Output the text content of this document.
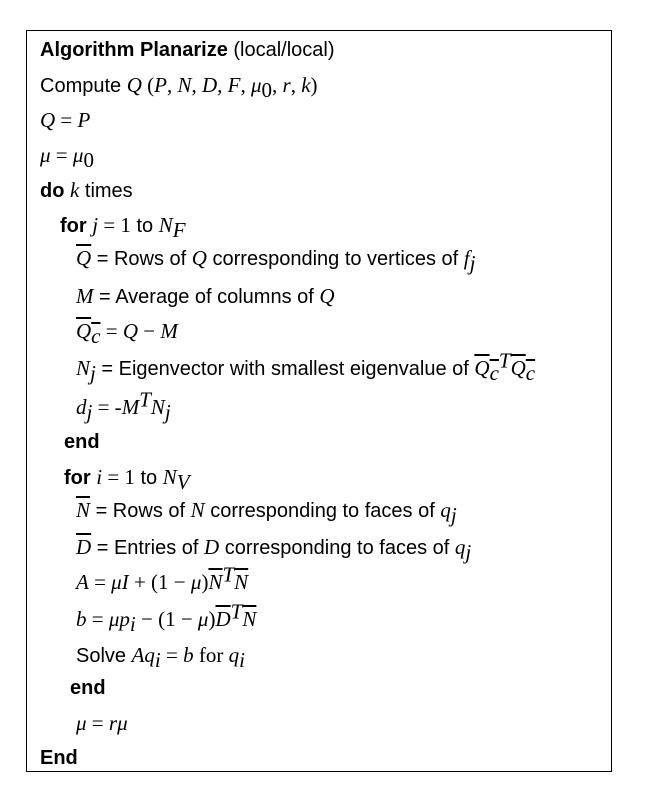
Algorithm Planarize (local/local)
Compute Q (P, N, D, F, $\mu_0$, r, k)
Q = P
$\mu = \mu_0$
do k times
for j = 1 to $N_F$
$\overline{Q}$ = Rows of Q corresponding to vertices of $f_j$
M = Average of columns of Q
$Q_c = Q - M$
$N_j$ = Eigenvector with smallest eigenvalue of $Q_c^TQ_c$
$d_j = -M^TN_j$
end
for i = 1 to $N_V$
$\overline{N}$ = Rows of N corresponding to faces of $q_j$
$\overline{D}$ = Entries of D corresponding to faces of $q_j$
$A = \mu I + (1 - \mu)\overline{N}^T\overline{N}$
$b = \mu p_i - (1 - \mu)\overline{D}^T\overline{N}$
Solve $Aq_i = b$ for $q_i$
end
μ = rμ
End
